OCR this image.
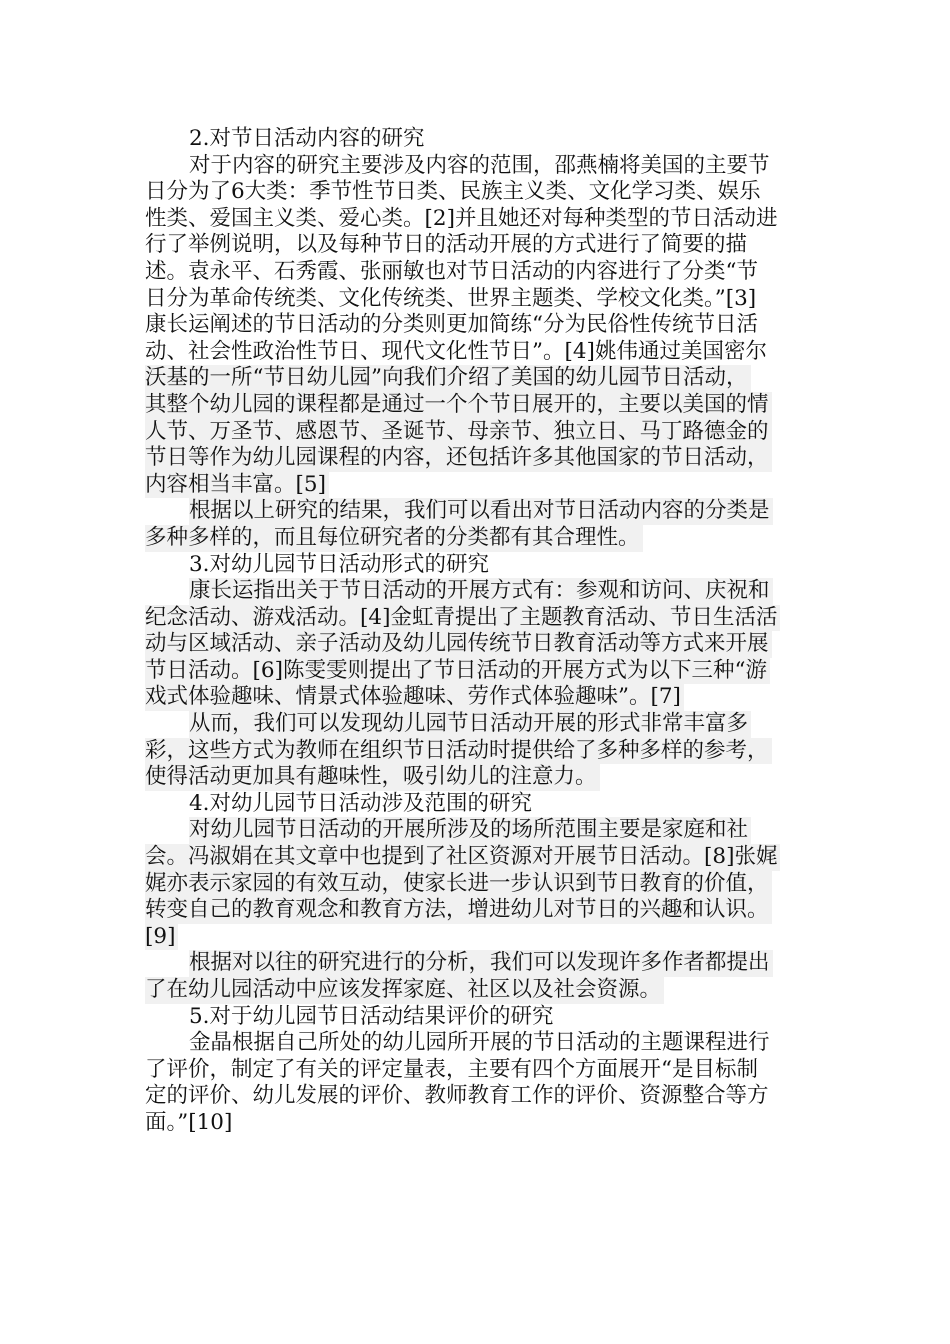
2.对节日活动内容的研究
对于内容的研究主要涉及内容的范围，邵燕楠将美国的主要节
日分为了6大类：季节性节日类、民族主义类、文化学习类、娱乐
性类、爱国主义类、爱心类。[2]并且她还对每种类型的节日活动进
行了举例说明，以及每种节日的活动开展的方式进行了简要的描
述。袁永平、石秀霞、张丽敏也对节日活动的内容进行了分类“节
日分为革命传统类、文化传统类、世界主题类、学校文化类。”[3]
康长运阐述的节日活动的分类则更加简练“分为民俗性传统节日活
动、社会性政治性节日、现代文化性节日”。[4]姚伟通过美国密尔
沃基的一所“节日幼儿园”向我们介绍了美国的幼儿园节日活动，
其整个幼儿园的课程都是通过一个个节日展开的，主要以美国的情
人节、万圣节、感恩节、圣诞节、母亲节、独立日、马丁路德金的
节日等作为幼儿园课程的内容，还包括许多其他国家的节日活动，
内容相当丰富。[5]
根据以上研究的结果，我们可以看出对节日活动内容的分类是
多种多样的，而且每位研究者的分类都有其合理性。
3.对幼儿园节日活动形式的研究
康长运指出关于节日活动的开展方式有：参观和访问、庆祝和
纪念活动、游戏活动。[4]金虹青提出了主题教育活动、节日生活活
动与区域活动、亲子活动及幼儿园传统节日教育活动等方式来开展
节日活动。[6]陈雯雯则提出了节日活动的开展方式为以下三种“游
戏式体验趣味、情景式体验趣味、劳作式体验趣味”。[7]
从而，我们可以发现幼儿园节日活动开展的形式非常丰富多
彩，这些方式为教师在组织节日活动时提供给了多种多样的参考，
使得活动更加具有趣味性，吸引幼儿的注意力。
4.对幼儿园节日活动涉及范围的研究
对幼儿园节日活动的开展所涉及的场所范围主要是家庭和社
会。冯淑娟在其文章中也提到了社区资源对开展节日活动。[8]张娓
娓亦表示家园的有效互动，使家长进一步认识到节日教育的价值，
转变自己的教育观念和教育方法，增进幼儿对节日的兴趣和认识。
[9]
根据对以往的研究进行的分析，我们可以发现许多作者都提出
了在幼儿园活动中应该发挥家庭、社区以及社会资源。
5.对于幼儿园节日活动结果评价的研究
金晶根据自己所处的幼儿园所开展的节日活动的主题课程进行
了评价，制定了有关的评定量表，主要有四个方面展开“是目标制
定的评价、幼儿发展的评价、教师教育工作的评价、资源整合等方
面。”[10]
